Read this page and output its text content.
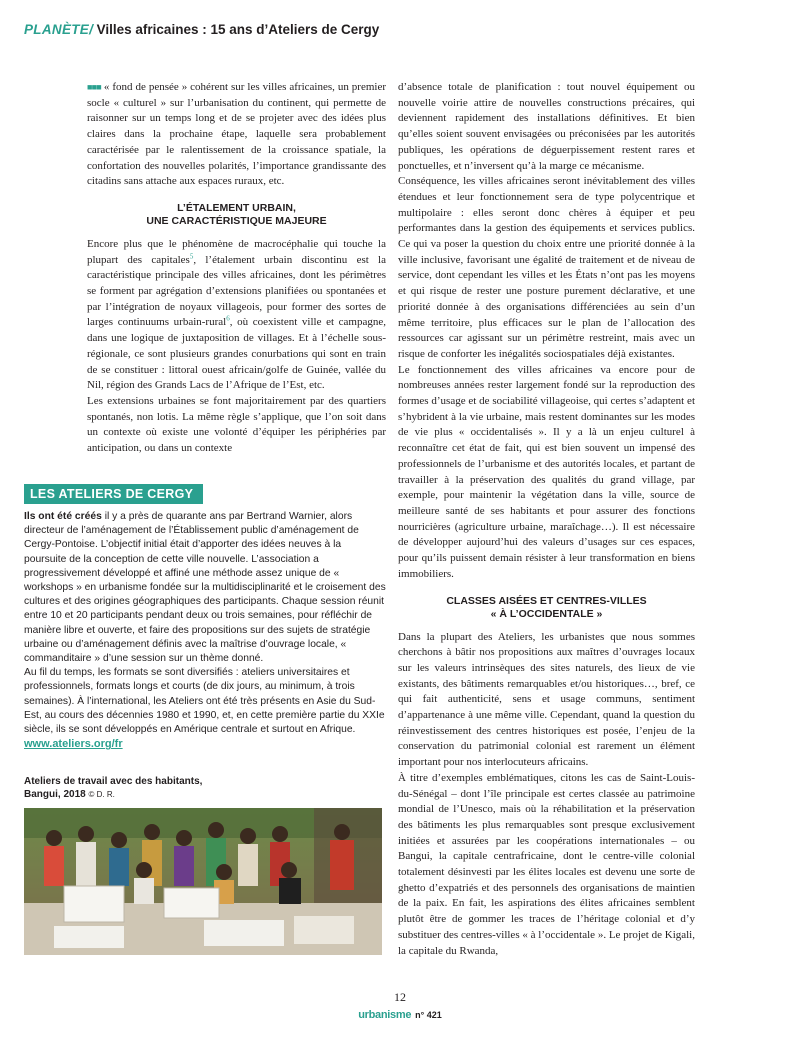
PLANÈTE/ Villes africaines : 15 ans d’Ateliers de Cergy

■■■ « fond de pensée » cohérent sur les villes africaines, un premier socle « culturel » sur l’urbanisation du continent, qui permette de raisonner sur un temps long et de se projeter avec des idées plus claires dans la prochaine étape, laquelle sera probablement caractérisée par le ralentissement de la croissance spatiale, la confortation des nouvelles polarités, l’importance grandissante des citadins sans attache aux espaces ruraux, etc.

L’ÉTALEMENT URBAIN,
UNE CARACTÉRISTIQUE MAJEURE

Encore plus que le phénomène de macrocéphalie qui touche la plupart des capitales$^5$, l’étalement urbain discontinu est la caractéristique principale des villes africaines, dont les périmètres se forment par agrégation d’extensions planifiées ou spontanées et par l’intégration de noyaux villageois, pour former des sortes de larges continuums urbain-rural$^6$, où coexistent ville et campagne, dans une logique de juxtaposition de villages. Et à l’échelle sous-régionale, ce sont plusieurs grandes conurbations qui sont en train de se constituer : littoral ouest africain/golfe de Guinée, vallée du Nil, région des Grands Lacs de l’Afrique de l’Est, etc.

Les extensions urbaines se font majoritairement par des quartiers spontanés, non lotis. La même règle s’applique, que l’on soit dans un contexte où existe une volonté d’équiper les périphéries par anticipation, ou dans un contexte

LES ATELIERS DE CERGY
Ils ont été créés il y a près de quarante ans par Bertrand Warnier, alors directeur de l’aménagement de l’Établissement public d’aménagement de Cergy-Pontoise. L’objectif initial était d’apporter des idées neuves à la poursuite de la conception de cette ville nouvelle. L’association a progressivement développé et affiné une méthode assez unique de « workshops » en urbanisme fondée sur la multidisciplinarité et le croisement des cultures et des origines géographiques des participants. Chaque session réunit entre 10 et 20 participants pendant deux ou trois semaines, pour réfléchir de manière libre et ouverte, et faire des propositions sur des sujets de stratégie urbaine ou d’aménagement définis avec la maîtrise d’ouvrage locale, « commanditaire » d’une session sur un thème donné.
Au fil du temps, les formats se sont diversifiés : ateliers universitaires et professionnels, formats longs et courts (de dix jours, au minimum, à trois semaines). À l’international, les Ateliers ont été très présents en Asie du Sud-Est, au cours des décennies 1980 et 1990, et, en cette première partie du XXIe siècle, ils se sont développés en Amérique centrale et surtout en Afrique.
www.ateliers.org/fr
Ateliers de travail avec des habitants,
Bangui, 2018 © D. R.

d’absence totale de planification : tout nouvel équipement ou nouvelle voirie attire de nouvelles constructions précaires, qui deviennent rapidement des installations définitives. Et bien qu’elles soient souvent envisagées ou préconisées par les autorités publiques, les opérations de déguerpissement restent rares et ponctuelles, et n’inversent qu’à la marge ce mécanisme.

Conséquence, les villes africaines seront inévitablement des villes étendues et leur fonctionnement sera de type polycentrique et multipolaire : elles seront donc chères à équiper et peu performantes dans la gestion des équipements et services publics. Ce qui va poser la question du choix entre une priorité donnée à la ville inclusive, favorisant une égalité de traitement et de niveau de service, dont cependant les villes et les États n’ont pas les moyens et qui risque de rester une posture purement déclarative, et une priorité donnée à des organisations différenciées au sein d’un même territoire, plus efficaces sur le plan de l’allocation des ressources car agissant sur un périmètre restreint, mais avec un risque de conforter les inégalités sociospatiales déjà existantes.

Le fonctionnement des villes africaines va encore pour de nombreuses années rester largement fondé sur la reproduction des formes d’usage et de sociabilité villageoise, qui certes s’adaptent et s’hybrident à la vie urbaine, mais restent dominantes sur les modes de vie plus « occidentalisés ». Il y a là un enjeu culturel à reconnaître cet état de fait, qui est bien souvent un impensé des professionnels de l’urbanisme et des autorités locales, et partant de travailler à la préservation des qualités du grand village, par exemple, pour maintenir la végétation dans la ville, source de meilleure santé de ses habitants et pour assurer des fonctions nourricières (agriculture urbaine, maraîchage…). Il est nécessaire de développer aujourd’hui des valeurs d’usages sur ces espaces, pour qu’ils puissent demain résister à leur transformation en biens immobiliers.

CLASSES AISÉES ET CENTRES-VILLES
« À L’OCCIDENTALE »

Dans la plupart des Ateliers, les urbanistes que nous sommes cherchons à bâtir nos propositions aux maîtres d’ouvrages locaux sur les valeurs intrinsèques des sites naturels, des lieux de vie existants, des bâtiments remarquables et/ou historiques…, bref, ce qui fait authenticité, sens et usage communs, sentiment d’appartenance à une même ville. Cependant, quand la question du réinvestissement des centres historiques est posée, l’enjeu de la conservation du patrimonial colonial est rarement un élément important pour nos interlocuteurs africains.

À titre d’exemples emblématiques, citons les cas de Saint-Louis-du-Sénégal – dont l’île principale est certes classée au patrimoine mondial de l’Unesco, mais où la réhabilitation et la préservation des bâtiments les plus remarquables sont presque exclusivement initiées et assurées par les coopérations internationales – ou Bangui, la capitale centrafricaine, dont le centre-ville colonial totalement désinvesti par les élites locales est devenu une sorte de ghetto d’expatriés et des personnels des organisations de maintien de la paix. En fait, les aspirations des élites africaines semblent plutôt être de gommer les traces de l’héritage colonial et d’y substituer des centres-villes « à l’occidentale ». Le projet de Kigali, la capitale du Rwanda,

12
urbanisme n° 421
